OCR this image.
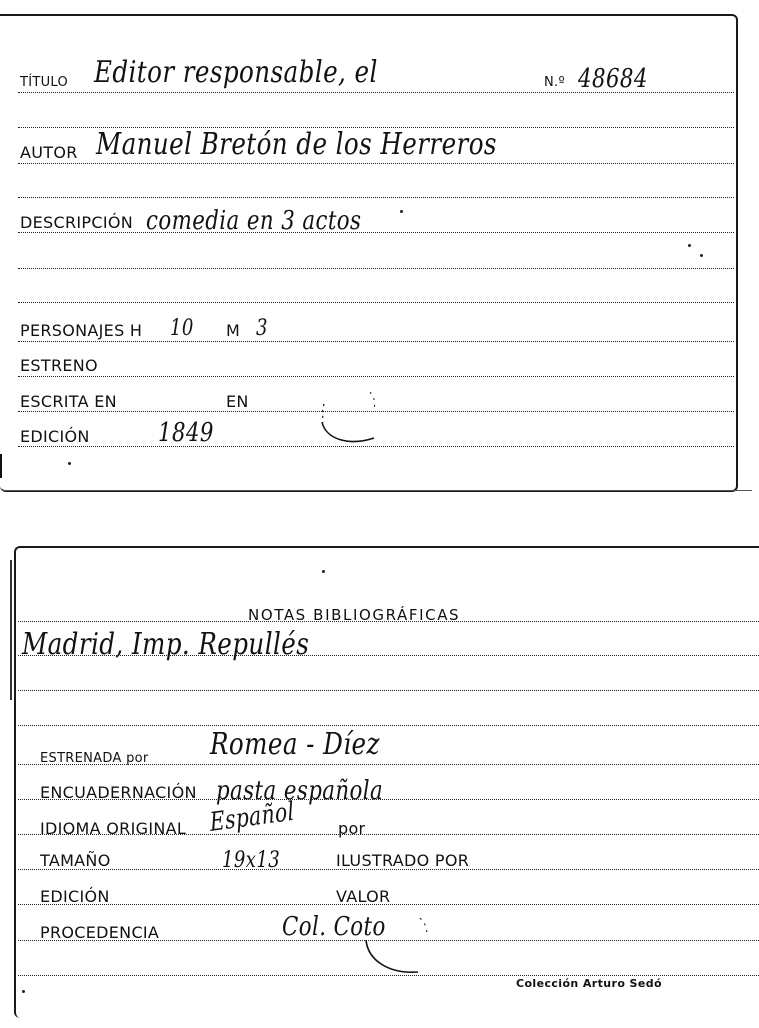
TÍTULO Editor responsable, el	N.º 48684
AUTOR Manuel Bretón de los Herreros
DESCRIPCIÓN comedia en 3 actos
PERSONAJES H 10 M 3
ESTRENO
ESCRITA EN	EN
EDICIÓN	1849
NOTAS BIBLIOGRÁFICAS
Madrid, Imp. Repullés
ESTRENADA por Romea - Díez
ENCUADERNACIÓN pasta española
IDIOMA ORIGINAL Español	por
TAMAÑO	19x13	ILUSTRADO POR
EDICIÓN	VALOR
PROCEDENCIA	Col. Coto
Colección Arturo Sedó
